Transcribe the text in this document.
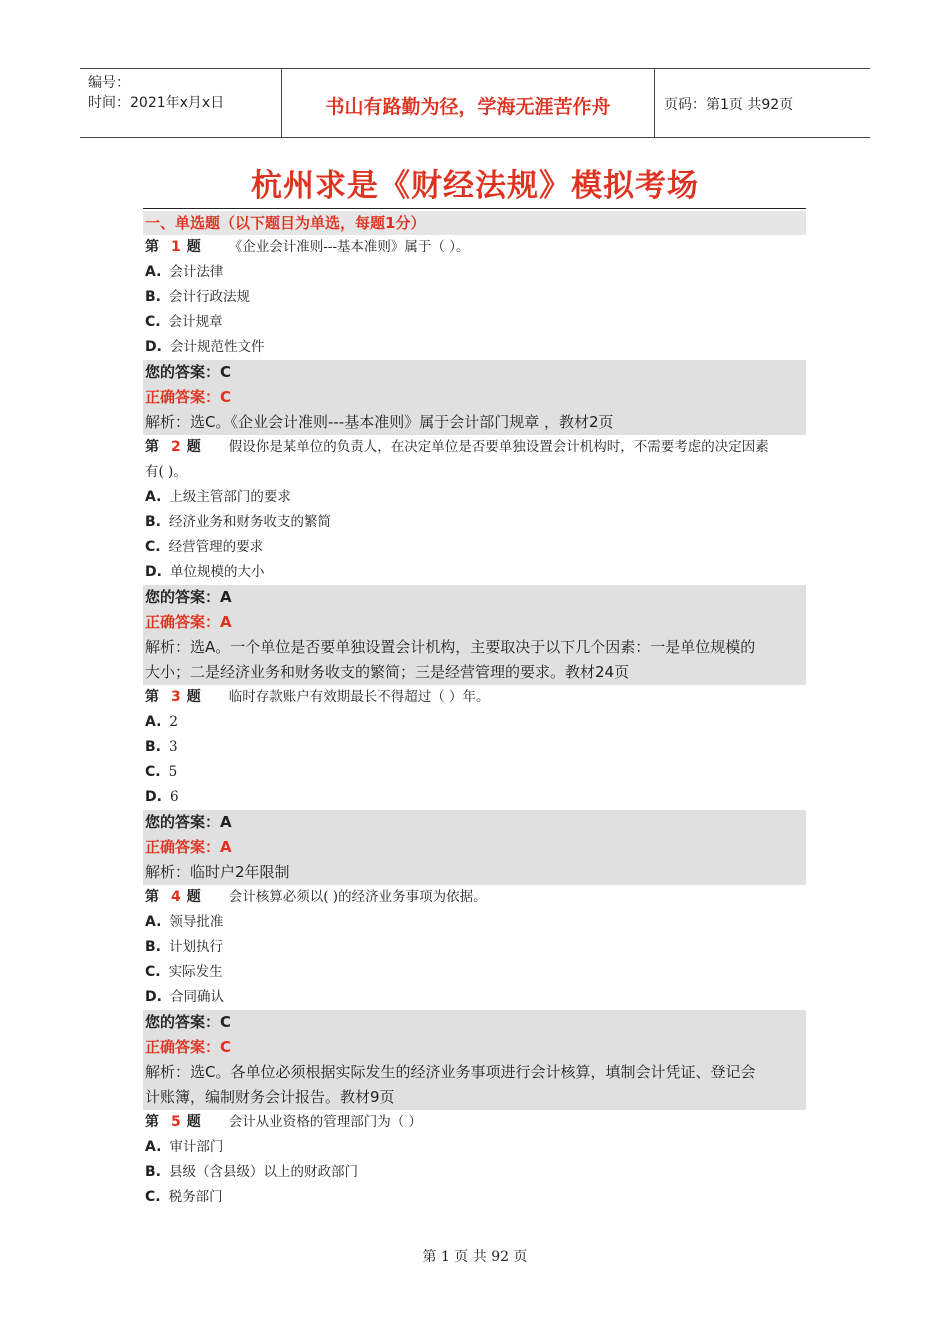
编号：
时间：2021年x月x日	书山有路勤为径，学海无涯苦作舟	页码：第1页 共92页
杭州求是《财经法规》模拟考场
一、单选题（以下题目为单选，每题1分）
第 1 题 《企业会计准则---基本准则》属于（ ）。
A. 会计法律
B. 会计行政法规
C. 会计规章
D. 会计规范性文件
您的答案：C
正确答案：C
解析：选C。《企业会计准则---基本准则》属于会计部门规章 ，教材2页
第 2 题 假设你是某单位的负责人，在决定单位是否要单独设置会计机构时，不需要考虑的决定因素
有( )。
A. 上级主管部门的要求
B. 经济业务和财务收支的繁简
C. 经营管理的要求
D. 单位规模的大小
您的答案：A
正确答案：A
解析：选A。一个单位是否要单独设置会计机构，主要取决于以下几个因素：一是单位规模的
大小；二是经济业务和财务收支的繁简；三是经营管理的要求。教材24页
第 3 题 临时存款账户有效期最长不得超过（ ）年。
A. 2
B. 3
C. 5
D. 6
您的答案：A
正确答案：A
解析：临时户2年限制
第 4 题 会计核算必须以( )的经济业务事项为依据。
A. 领导批准
B. 计划执行
C. 实际发生
D. 合同确认
您的答案：C
正确答案：C
解析：选C。各单位必须根据实际发生的经济业务事项进行会计核算，填制会计凭证、登记会
计账簿，编制财务会计报告。教材9页
第 5 题 会计从业资格的管理部门为（ ）
A. 审计部门
B. 县级（含县级）以上的财政部门
C. 税务部门
第 1 页 共 92 页
